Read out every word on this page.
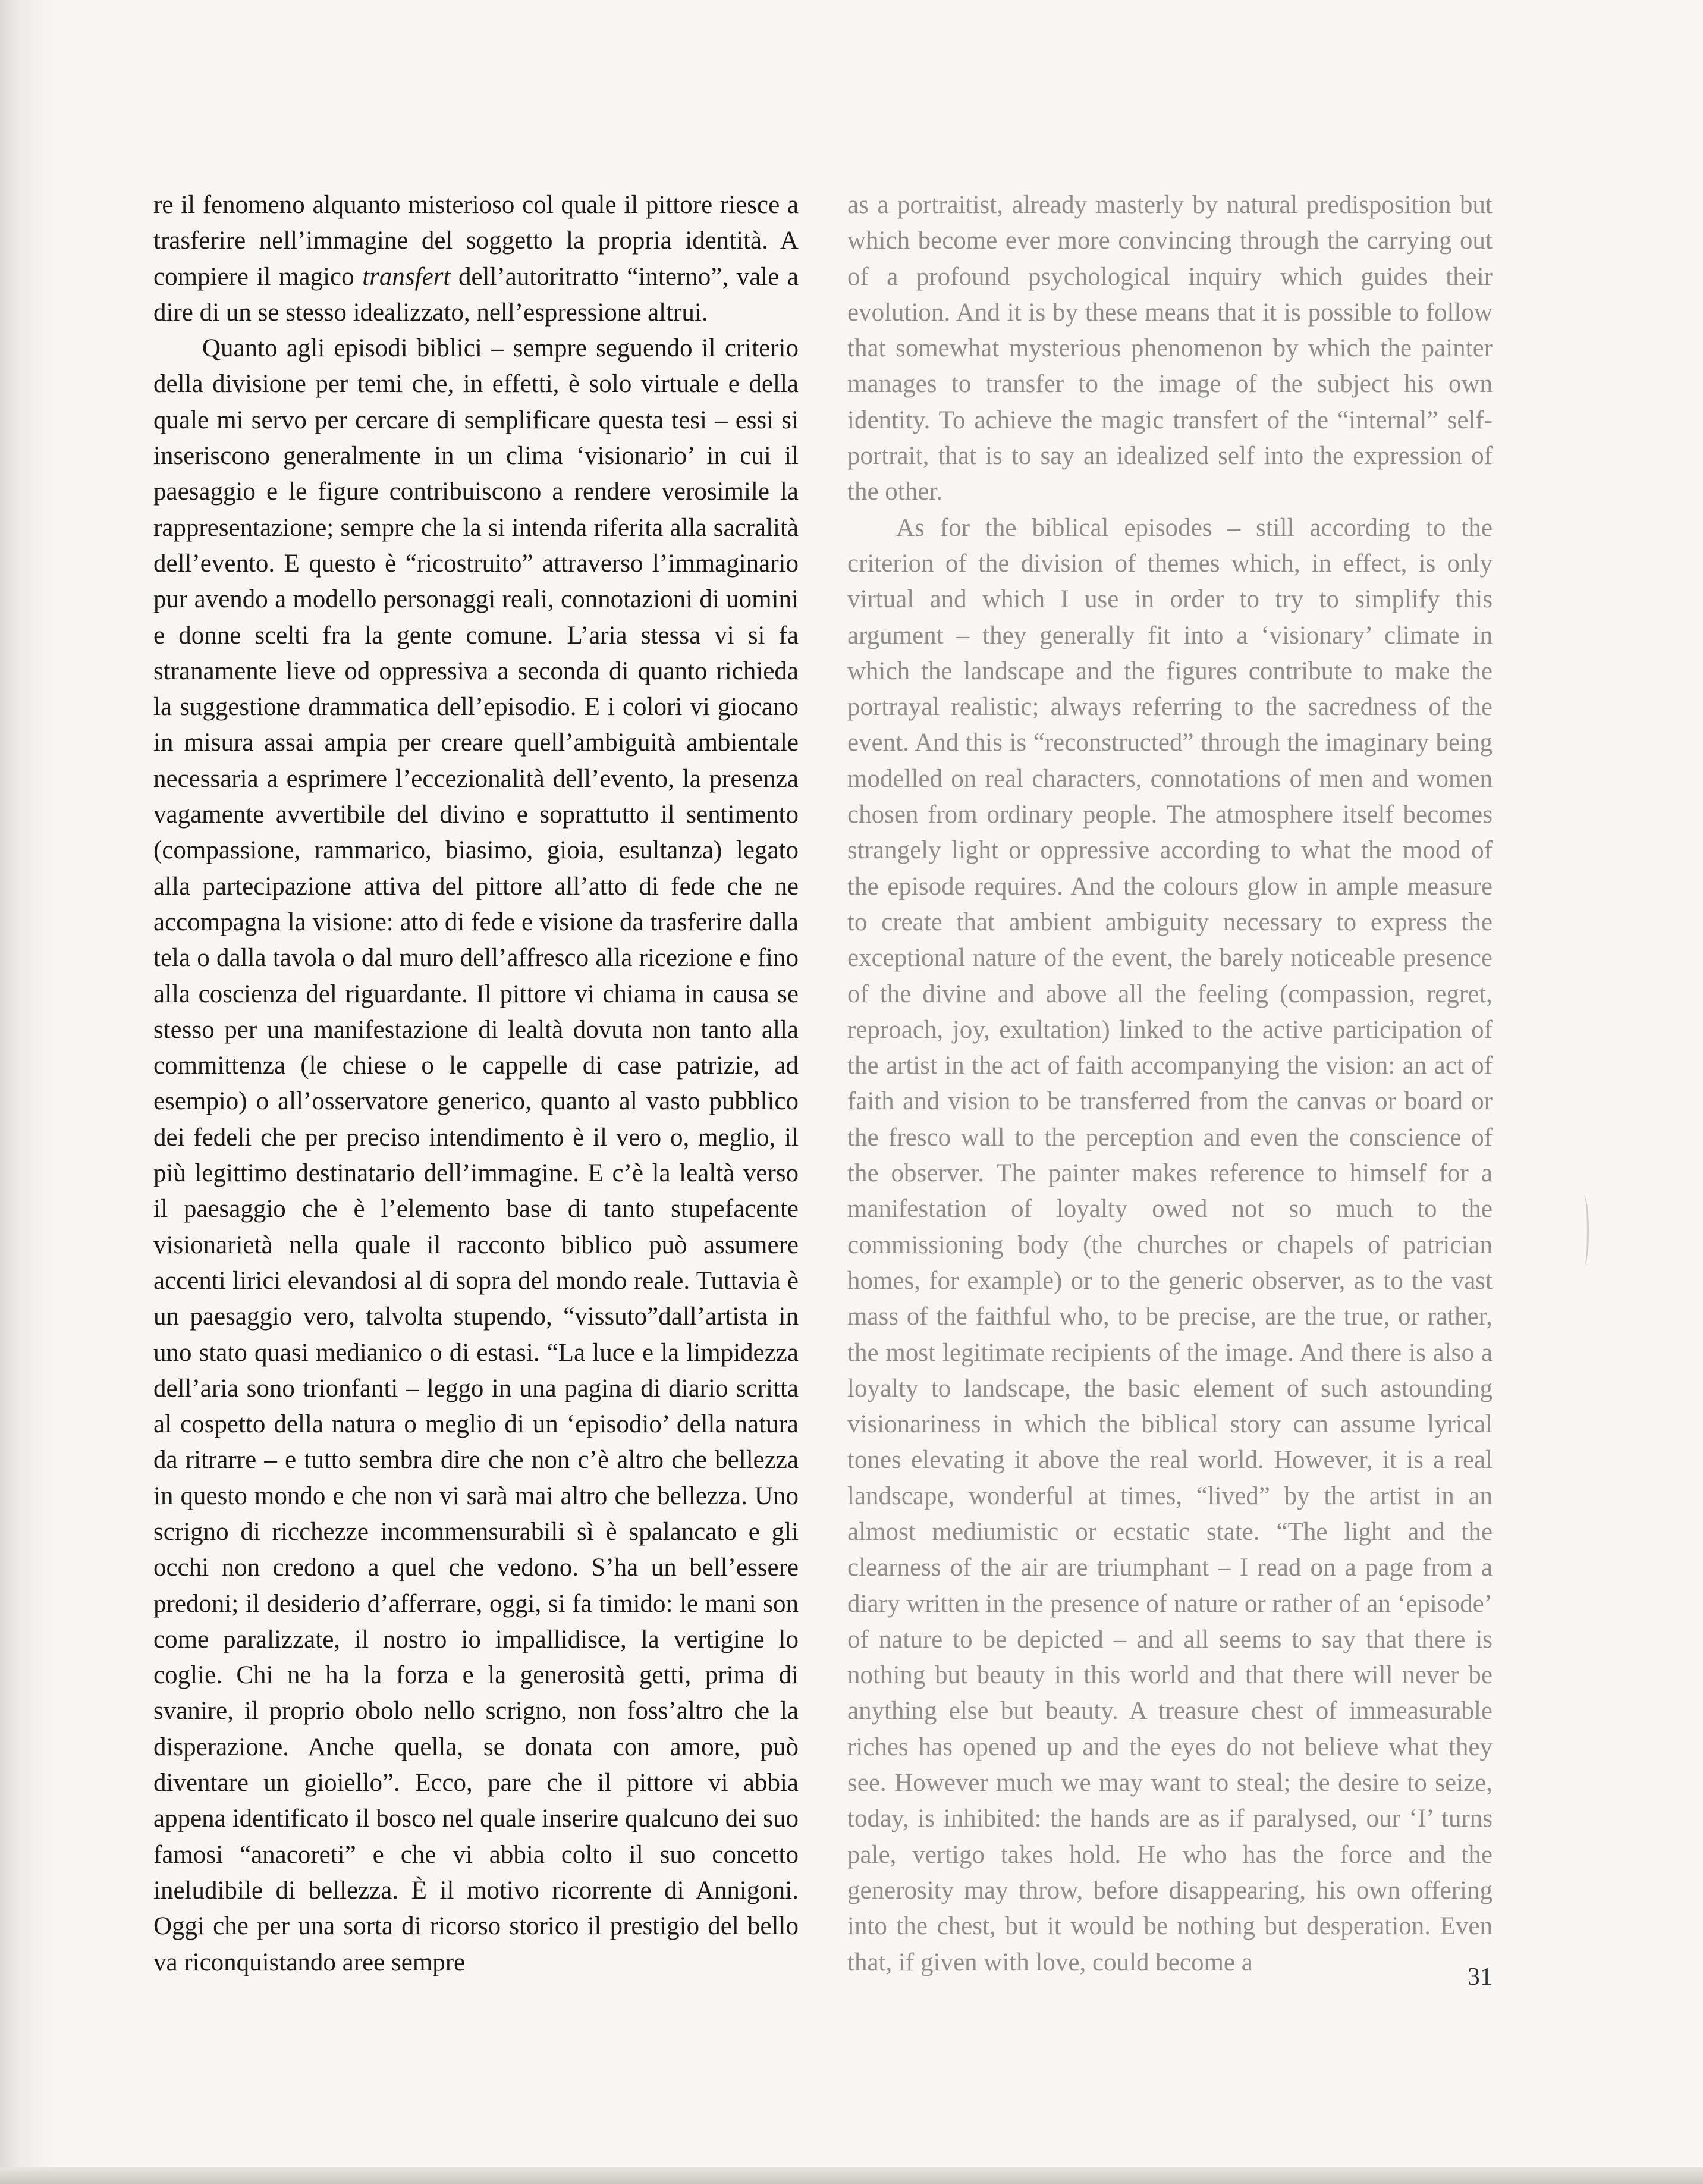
re il fenomeno alquanto misterioso col quale il pittore riesce a trasferire nell’immagine del soggetto la propria identità. A compiere il magico transfert dell’autoritratto “interno”, vale a dire di un se stesso idealizzato, nell’espressione altrui.

Quanto agli episodi biblici – sempre seguendo il criterio della divisione per temi che, in effetti, è solo virtuale e della quale mi servo per cercare di semplificare questa tesi – essi si inseriscono generalmente in un clima ‘visionario’ in cui il paesaggio e le figure contribuiscono a rendere verosimile la rappresentazione; sempre che la si intenda riferita alla sacralità dell’evento. E questo è “ricostruito” attraverso l’immaginario pur avendo a modello personaggi reali, connotazioni di uomini e donne scelti fra la gente comune. L’aria stessa vi si fa stranamente lieve od oppressiva a seconda di quanto richieda la suggestione drammatica dell’episodio. E i colori vi giocano in misura assai ampia per creare quell’ambiguità ambientale necessaria a esprimere l’eccezionalità dell’evento, la presenza vagamente avvertibile del divino e soprattutto il sentimento (compassione, rammarico, biasimo, gioia, esultanza) legato alla partecipazione attiva del pittore all’atto di fede che ne accompagna la visione: atto di fede e visione da trasferire dalla tela o dalla tavola o dal muro dell’affresco alla ricezione e fino alla coscienza del riguardante. Il pittore vi chiama in causa se stesso per una manifestazione di lealtà dovuta non tanto alla committenza (le chiese o le cappelle di case patrizie, ad esempio) o all’osservatore generico, quanto al vasto pubblico dei fedeli che per preciso intendimento è il vero o, meglio, il più legittimo destinatario dell’immagine. E c’è la lealtà verso il paesaggio che è l’elemento base di tanto stupefacente visionarietà nella quale il racconto biblico può assumere accenti lirici elevandosi al di sopra del mondo reale. Tuttavia è un paesaggio vero, talvolta stupendo, “vissuto”dall’artista in uno stato quasi medianico o di estasi. “La luce e la limpidezza dell’aria sono trionfanti – leggo in una pagina di diario scritta al cospetto della natura o meglio di un ‘episodio’ della natura da ritrarre – e tutto sembra dire che non c’è altro che bellezza in questo mondo e che non vi sarà mai altro che bellezza. Uno scrigno di ricchezze incommensurabili sì è spalancato e gli occhi non credono a quel che vedono. S’ha un bell’essere predoni; il desiderio d’afferrare, oggi, si fa timido: le mani son come paralizzate, il nostro io impallidisce, la vertigine lo coglie. Chi ne ha la forza e la generosità getti, prima di svanire, il proprio obolo nello scrigno, non foss’altro che la disperazione. Anche quella, se donata con amore, può diventare un gioiello”. Ecco, pare che il pittore vi abbia appena identificato il bosco nel quale inserire qualcuno dei suo famosi “anacoreti” e che vi abbia colto il suo concetto ineludibile di bellezza. È il motivo ricorrente di Annigoni. Oggi che per una sorta di ricorso storico il prestigio del bello va riconquistando aree sempre

as a portraitist, already masterly by natural predisposition but which become ever more convincing through the carrying out of a profound psychological inquiry which guides their evolution. And it is by these means that it is possible to follow that somewhat mysterious phenomenon by which the painter manages to transfer to the image of the subject his own identity. To achieve the magic transfert of the “internal” self-portrait, that is to say an idealized self into the expression of the other.

As for the biblical episodes – still according to the criterion of the division of themes which, in effect, is only virtual and which I use in order to try to simplify this argument – they generally fit into a ‘visionary’ climate in which the landscape and the figures contribute to make the portrayal realistic; always referring to the sacredness of the event. And this is “reconstructed” through the imaginary being modelled on real characters, connotations of men and women chosen from ordinary people. The atmosphere itself becomes strangely light or oppressive according to what the mood of the episode requires. And the colours glow in ample measure to create that ambient ambiguity necessary to express the exceptional nature of the event, the barely noticeable presence of the divine and above all the feeling (compassion, regret, reproach, joy, exultation) linked to the active participation of the artist in the act of faith accompanying the vision: an act of faith and vision to be transferred from the canvas or board or the fresco wall to the perception and even the conscience of the observer. The painter makes reference to himself for a manifestation of loyalty owed not so much to the commissioning body (the churches or chapels of patrician homes, for example) or to the generic observer, as to the vast mass of the faithful who, to be precise, are the true, or rather, the most legitimate recipients of the image. And there is also a loyalty to landscape, the basic element of such astounding visionariness in which the biblical story can assume lyrical tones elevating it above the real world. However, it is a real landscape, wonderful at times, “lived” by the artist in an almost mediumistic or ecstatic state. “The light and the clearness of the air are triumphant – I read on a page from a diary written in the presence of nature or rather of an ‘episode’ of nature to be depicted – and all seems to say that there is nothing but beauty in this world and that there will never be anything else but beauty. A treasure chest of immeasurable riches has opened up and the eyes do not believe what they see. However much we may want to steal; the desire to seize, today, is inhibited: the hands are as if paralysed, our ‘I’ turns pale, vertigo takes hold. He who has the force and the generosity may throw, before disappearing, his own offering into the chest, but it would be nothing but desperation. Even that, if given with love, could become a

31
